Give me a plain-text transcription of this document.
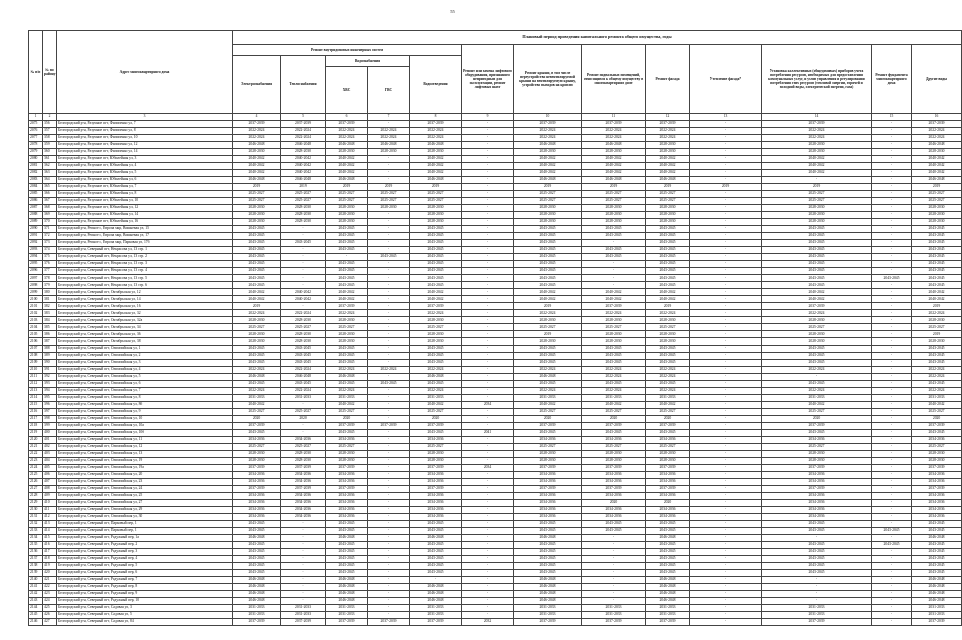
55
№ п/п	№ по району	Адрес многоквартирного дома	Плановый период проведения капитального ремонта общего имущества, годы												
			Ремонт внутридомовых инженерных систем					Ремонт или замена лифтового оборудования, признанного непригодным для эксплуатации, ремонт лифтовых шахт	Ремонт крыши, в том числе переустройство невентилируемой крыши на вентилируемую крышу, устройство выходов на кровлю	Ремонт подвальных помещений, относящихся к общему имуществу в многоквартирном доме	Ремонт фасада	Утепление фасада*	Установка коллективных (общедомовых) приборов учета потребления ресурсов, необходимых для предоставления коммунальных услуг, и узлов управления и регулирования потребления этих ресурсов (тепловой энергии, горячей и холодной воды, электрической энергии, газа)	Ремонт фундамента многоквартирного дома	Другие виды
			Электроснабжения	Теплоснабжения	Водоснабжения		Водоотведения								
					ХВС	ГВС									
1	2	3	4	5	6	7	8	9	10	11	12	13	14	15	16
2075	356	Белгородский р-н, Разумное пгт, Филипенко ул, 7	2037-2039	2037-2039	2037-2039	-	2037-2039	-	2037-2039	2037-2039	2037-2039	-	2037-2039	-	2037-2039
2076	357	Белгородский р-н, Разумное пгт, Филипенко ул, 8	2022-2024	2022-2024	2022-2024	2022-2024	2022-2024	-	2022-2024	2022-2024	2022-2024	-	2022-2024	-	2022-2024
2077	358	Белгородский р-н, Разумное пгт, Филипенко ул, 10	2022-2024	2022-2024	2022-2024	2022-2024	2022-2024	-	2022-2024	2022-2024	2022-2024	-	2022-2024	-	2022-2024
2078	359	Белгородский р-н, Разумное пгт, Филипенко ул, 12	2046-2048	2046-2048	2046-2048	2046-2048	2046-2048	-	2046-2048	2046-2048	2028-2030	-	2028-2030	-	2046-2048
2079	360	Белгородский р-н, Разумное пгт, Филипенко ул, 14	2028-2030	2028-2030	2028-2030	2028-2030	2028-2030	-	2028-2030	2028-2030	2028-2030	-	2028-2030	-	2028-2030
2080	361	Белгородский р-н, Разумное пгт, Юбилейная ул, 3	2040-2042	2040-2042	2040-2042	-	2040-2042	-	2040-2042	2040-2042	2040-2042	-	2040-2042	-	2040-2042
2081	362	Белгородский р-н, Разумное пгт, Юбилейная ул, 4	2040-2042	2040-2042	2040-2042	-	2040-2042	-	2040-2042	2040-2042	2040-2042	-	2040-2042	-	2040-2042
2082	363	Белгородский р-н, Разумное пгт, Юбилейная ул, 5	2040-2042	2040-2042	2040-2042	-	2040-2042	-	2040-2042	2040-2042	2040-2042	-	2040-2042	-	2040-2042
2083	364	Белгородский р-н, Разумное пгт, Юбилейная ул, 6	2046-2048	2046-2048	2046-2048	-	2046-2048	-	2046-2048	2046-2048	2046-2048	-	-	-	2046-2048
2084	365	Белгородский р-н, Разумное пгт, Юбилейная ул, 7	2019	2019	2019	2019	2019	-	2019	2019	2019	2019	2019	-	2019
2085	366	Белгородский р-н, Разумное пгт, Юбилейная ул, 8	2025-2027	2025-2027	2025-2027	2025-2027	2025-2027	-	2025-2027	2025-2027	2025-2027	-	2025-2027	-	2025-2027
2086	367	Белгородский р-н, Разумное пгт, Юбилейная ул, 10	2025-2027	2025-2027	2025-2027	2025-2027	2025-2027	-	2025-2027	2025-2027	2025-2027	-	2025-2027	-	2025-2027
2087	368	Белгородский р-н, Разумное пгт, Юбилейная ул, 12	2028-2030	2028-2030	2028-2030	2028-2030	2028-2030	-	2028-2030	2028-2030	2028-2030	-	2028-2030	-	2028-2030
2088	369	Белгородский р-н, Разумное пгт, Юбилейная ул, 14	2028-2030	2028-2030	2028-2030	-	2028-2030	-	2028-2030	2028-2030	2028-2030	-	2028-2030	-	2028-2030
2089	370	Белгородский р-н, Разумное пгт, Юбилейная ул, 16	2028-2030	2028-2030	2028-2030	-	2028-2030	-	2028-2030	2028-2030	2028-2030	-	2028-2030	-	2028-2030
2090	371	Белгородский р-н, Репное с, Европа мкр, Вишневая ул, 15	2043-2045	-	2043-2045	-	2043-2045	-	2043-2045	2043-2045	2043-2045	-	2043-2045	-	2043-2045
2091	372	Белгородский р-н, Репное с, Европа мкр, Вишневая ул, 17	2043-2045	-	2043-2045	-	2043-2045	-	2043-2045	2043-2045	2043-2045	-	2043-2045	-	2043-2045
2092	373	Белгородский р-н, Репное с, Европа мкр, Парковая ул, 17б	2043-2045	2043-2045	2043-2045	-	2043-2045	-	2043-2045	-	2043-2045	-	2043-2045	-	2043-2045
2093	374	Белгородский р-н, Северный пгт, Некрасова ул, 13 стр. 1	2043-2045	-	2043-2045	-	2043-2045	-	2043-2045	2043-2045	2043-2045	-	2043-2045	-	2043-2045
2094	375	Белгородский р-н, Северный пгт, Некрасова ул, 13 стр. 2	2043-2045	-	-	2043-2045	2043-2045	-	2043-2045	2043-2045	2043-2045	-	2043-2045	-	2043-2045
2095	376	Белгородский р-н, Северный пгт, Некрасова ул, 13 стр. 3	2043-2045	-	2043-2045	-	2043-2045	-	2043-2045	-	2043-2045	-	2043-2045	-	2043-2045
2096	377	Белгородский р-н, Северный пгт, Некрасова ул, 13 стр. 4	2043-2045	-	2043-2045	-	2043-2045	-	2043-2045	-	2043-2045	-	2043-2045	-	2043-2045
2097	378	Белгородский р-н, Северный пгт, Некрасова ул, 13 стр. 5	2043-2045	-	2043-2045	-	2043-2045	-	2043-2045	-	2043-2045	-	2043-2045	2043-2045	2043-2045
2098	379	Белгородский р-н, Северный пгт, Некрасова ул, 13 стр. 6	2043-2045	-	2043-2045	-	2043-2045	-	2043-2045	-	2043-2045	-	2043-2045	-	2043-2045
2099	380	Белгородский р-н, Северный пгт, Октябрьская ул, 12	2040-2042	2040-2042	2040-2042	-	2040-2042	-	2040-2042	2040-2042	2040-2042	-	2040-2042	-	2040-2042
2100	381	Белгородский р-н, Северный пгт, Октябрьская ул, 14	2040-2042	2040-2042	2040-2042	-	2040-2042	-	2040-2042	2040-2042	2040-2042	-	2040-2042	-	2040-2042
2101	382	Белгородский р-н, Северный пгт, Октябрьская ул, 16	2019	-	2037-2039	-	2037-2039	-	2019	2037-2039	2019	-	2037-2039	-	2019
2102	383	Белгородский р-н, Северный пгт, Октябрьская ул, 32	2022-2024	2022-2024	2022-2024	-	2022-2024	-	2022-2024	2022-2024	2022-2024	-	2022-2024	-	2022-2024
2103	384	Белгородский р-н, Северный пгт, Октябрьская ул, 32а	2028-2030	2028-2030	2028-2030	-	2028-2030	-	2028-2030	2028-2030	2028-2030	-	2028-2030	-	2028-2030
2104	385	Белгородский р-н, Северный пгт, Октябрьская ул, 34	2025-2027	2025-2027	2025-2027	-	2025-2027	-	2025-2027	2025-2027	2025-2027	-	2025-2027	-	2025-2027
2105	386	Белгородский р-н, Северный пгт, Октябрьская ул, 36	2028-2030	2028-2030	2028-2030	-	2028-2030	-	2019	2028-2030	2028-2030	-	2028-2030	-	2019
2106	387	Белгородский р-н, Северный пгт, Октябрьская ул, 38	2028-2030	2028-2030	2028-2030	-	2028-2030	-	2028-2030	2028-2030	2028-2030	-	2028-2030	-	2028-2030
2107	388	Белгородский р-н, Северный пгт, Олимпийская ул, 1	2043-2045	2043-2045	2043-2045	-	2043-2045	-	2043-2045	2043-2045	2043-2045	-	2043-2045	-	2043-2045
2108	389	Белгородский р-н, Северный пгт, Олимпийская ул, 2	2043-2045	2043-2045	2043-2045	-	2043-2045	-	2043-2045	2043-2045	2043-2045	-	2043-2045	-	2043-2045
2109	390	Белгородский р-н, Северный пгт, Олимпийская ул, 3	2043-2045	2043-2045	2043-2045	-	2043-2045	-	2043-2045	2043-2045	2043-2045	-	2043-2045	-	2043-2045
2110	391	Белгородский р-н, Северный пгт, Олимпийская ул, 4	2022-2024	2022-2024	2022-2024	2022-2024	2022-2024	-	2022-2024	2022-2024	2022-2024	-	2022-2024	-	2022-2024
2111	392	Белгородский р-н, Северный пгт, Олимпийская ул, 5	2046-2048	2046-2048	2046-2048	-	2046-2048	-	2046-2048	2022-2024	2022-2024	-	-	-	2022-2024
2112	393	Белгородский р-н, Северный пгт, Олимпийская ул, 6	2043-2045	2043-2045	2043-2045	2043-2045	2043-2045	-	2043-2045	2043-2045	2043-2045	-	2043-2045	-	2043-2045
2113	394	Белгородский р-н, Северный пгт, Олимпийская ул, 7	2022-2024	2022-2024	2022-2024	-	2022-2024	-	2022-2024	2022-2024	2022-2024	-	2022-2024	-	2022-2024
2114	395	Белгородский р-н, Северный пгт, Олимпийская ул, 8	2031-2033	2031-2033	2031-2033	-	2031-2033	-	2031-2033	2031-2033	2031-2033	-	2031-2033	-	2031-2033
2115	396	Белгородский р-н, Северный пгт, Олимпийская ул, 8б	2040-2042	-	2040-2042	-	2040-2042	2034	2040-2042	2040-2042	2040-2042	-	2040-2042	-	2040-2042
2116	397	Белгородский р-н, Северный пгт, Олимпийская ул, 9	2025-2027	2025-2027	2025-2027	-	2025-2027	-	2025-2027	2025-2027	2025-2027	-	2025-2027	-	2025-2027
2117	398	Белгородский р-н, Северный пгт, Олимпийская ул, 10	2020	2020	2020	-	2020	-	2020	2020	2020	-	2020	-	2020
2118	399	Белгородский р-н, Северный пгт, Олимпийская ул, 10а	2037-2039	-	2037-2039	2037-2039	2037-2039	-	2037-2039	2037-2039	2037-2039	-	2037-2039	-	2037-2039
2119	400	Белгородский р-н, Северный пгт, Олимпийская ул, 10б	2043-2045	-	2043-2045	-	2043-2045	2041	2043-2045	2043-2045	2043-2045	-	2043-2045	-	2043-2045
2120	401	Белгородский р-н, Северный пгт, Олимпийская ул, 11	2034-2036	2034-2036	2034-2036	-	2034-2036	-	2034-2036	2034-2036	2034-2036	-	2034-2036	-	2034-2036
2121	402	Белгородский р-н, Северный пгт, Олимпийская ул, 12	2025-2027	2025-2027	2025-2027	-	2025-2027	-	2025-2027	2025-2027	2025-2027	-	2025-2027	-	2025-2027
2122	403	Белгородский р-н, Северный пгт, Олимпийская ул, 13	2028-2030	2028-2030	2028-2030	-	2028-2030	-	2028-2030	2028-2030	2028-2030	-	2028-2030	-	2028-2030
2123	404	Белгородский р-н, Северный пгт, Олимпийская ул, 19	2028-2030	2028-2030	2028-2030	-	2028-2030	-	2028-2030	2028-2030	2028-2030	-	2028-2030	-	2028-2030
2124	405	Белгородский р-н, Северный пгт, Олимпийская ул, 19а	2037-2039	2037-2039	2037-2039	-	2037-2039	2034	2037-2039	2037-2039	2037-2039	-	2037-2039	-	2037-2039
2125	406	Белгородский р-н, Северный пгт, Олимпийская ул, 20	2034-2036	2034-2036	2034-2036	-	2034-2036	-	2034-2036	2034-2036	2034-2036	-	2034-2036	-	2034-2036
2126	407	Белгородский р-н, Северный пгт, Олимпийская ул, 23	2034-2036	2034-2036	2034-2036	-	2034-2036	-	2034-2036	2034-2036	2034-2036	-	2034-2036	-	2034-2036
2127	408	Белгородский р-н, Северный пгт, Олимпийская ул, 24	2037-2039	2037-2039	2037-2039	-	2037-2039	-	2037-2039	2037-2039	2037-2039	-	2037-2039	-	2037-2039
2128	409	Белгородский р-н, Северный пгт, Олимпийская ул, 25	2034-2036	2034-2036	2034-2036	-	2034-2036	-	2034-2036	2034-2036	2034-2036	-	2034-2036	-	2034-2036
2129	410	Белгородский р-н, Северный пгт, Олимпийская ул, 27	2034-2036	2034-2036	2034-2036	-	2034-2036	-	2034-2036	2020	2020	-	2034-2036	-	2034-2036
2130	411	Белгородский р-н, Северный пгт, Олимпийская ул, 29	2034-2036	2034-2036	2034-2036	-	2034-2036	-	2034-2036	2034-2036	2034-2036	-	2034-2036	-	2034-2036
2131	412	Белгородский р-н, Северный пгт, Олимпийская ул, 30	2034-2036	2034-2036	2034-2036	-	2034-2036	-	2034-2036	2034-2036	2034-2036	-	2034-2036	-	2034-2036
2132	413	Белгородский р-н, Северный пгт, Парковый пер, 1	2043-2045	-	2043-2045	-	2043-2045	-	2043-2045	2043-2045	2043-2045	-	2043-2045	-	2043-2045
2133	414	Белгородский р-н, Северный пгт, Парковый пер, 1	2043-2045	-	2043-2045	-	2043-2045	-	2043-2045	2043-2045	2043-2045	-	2043-2045	2043-2045	2043-2045
2134	415	Белгородский р-н, Северный пгт, Радужный пер, 1а	2046-2048	-	2046-2048	-	2046-2048	-	2046-2048	-	2046-2048	-	-	-	2046-2048
2135	416	Белгородский р-н, Северный пгт, Радужный пер, 2	2043-2045	-	2043-2045	-	2043-2045	-	2043-2045	-	2043-2045	-	2043-2045	2043-2045	2043-2045
2136	417	Белгородский р-н, Северный пгт, Радужный пер, 3	2043-2045	-	2043-2045	-	2043-2045	-	2043-2045	-	2043-2045	-	2043-2045	-	2043-2045
2137	418	Белгородский р-н, Северный пгт, Радужный пер, 4	2043-2045	-	2043-2045	-	2043-2045	-	2043-2045	-	2043-2045	-	2043-2045	-	2043-2045
2138	419	Белгородский р-н, Северный пгт, Радужный пер, 5	2043-2045	-	2043-2045	-	2043-2045	-	2043-2045	-	2043-2045	-	2043-2045	-	2043-2045
2139	420	Белгородский р-н, Северный пгт, Радужный пер, 6	2043-2045	-	2043-2045	-	2043-2045	-	2043-2045	-	2043-2045	-	2043-2045	-	2043-2045
2140	421	Белгородский р-н, Северный пгт, Радужный пер, 7	2046-2048	-	2046-2048	-	-	-	2046-2048	-	2046-2048	-	-	-	2046-2048
2141	422	Белгородский р-н, Северный пгт, Радужный пер, 8	2046-2048	-	2046-2048	-	2046-2048	-	2046-2048	-	2046-2048	-	-	-	2046-2048
2142	423	Белгородский р-н, Северный пгт, Радужный пер, 9	2046-2048	-	2046-2048	-	2046-2048	-	2046-2048	-	2046-2048	-	-	-	2046-2048
2143	424	Белгородский р-н, Северный пгт, Радужный пер, 10	2046-2048	-	2046-2048	-	2046-2048	-	2046-2048	-	2046-2048	-	-	-	2046-2048
2144	425	Белгородский р-н, Северный пгт, Садовая ул, 3	2031-2033	2031-2033	2031-2033	-	2031-2033	-	2031-2033	2031-2033	2031-2033	-	2031-2033	-	2031-2033
2145	426	Белгородский р-н, Северный пгт, Садовая ул, 5	2031-2033	2031-2033	2031-2033	-	2031-2033	-	2031-2033	2031-2033	2031-2033	-	2031-2033	-	2031-2033
2146	427	Белгородский р-н, Северный пгт, Садовая ул, 84	2037-2039	2037-2039	2037-2039	2037-2039	2037-2039	2032	2037-2039	2037-2039	2037-2039	-	2037-2039	-	2037-2039
